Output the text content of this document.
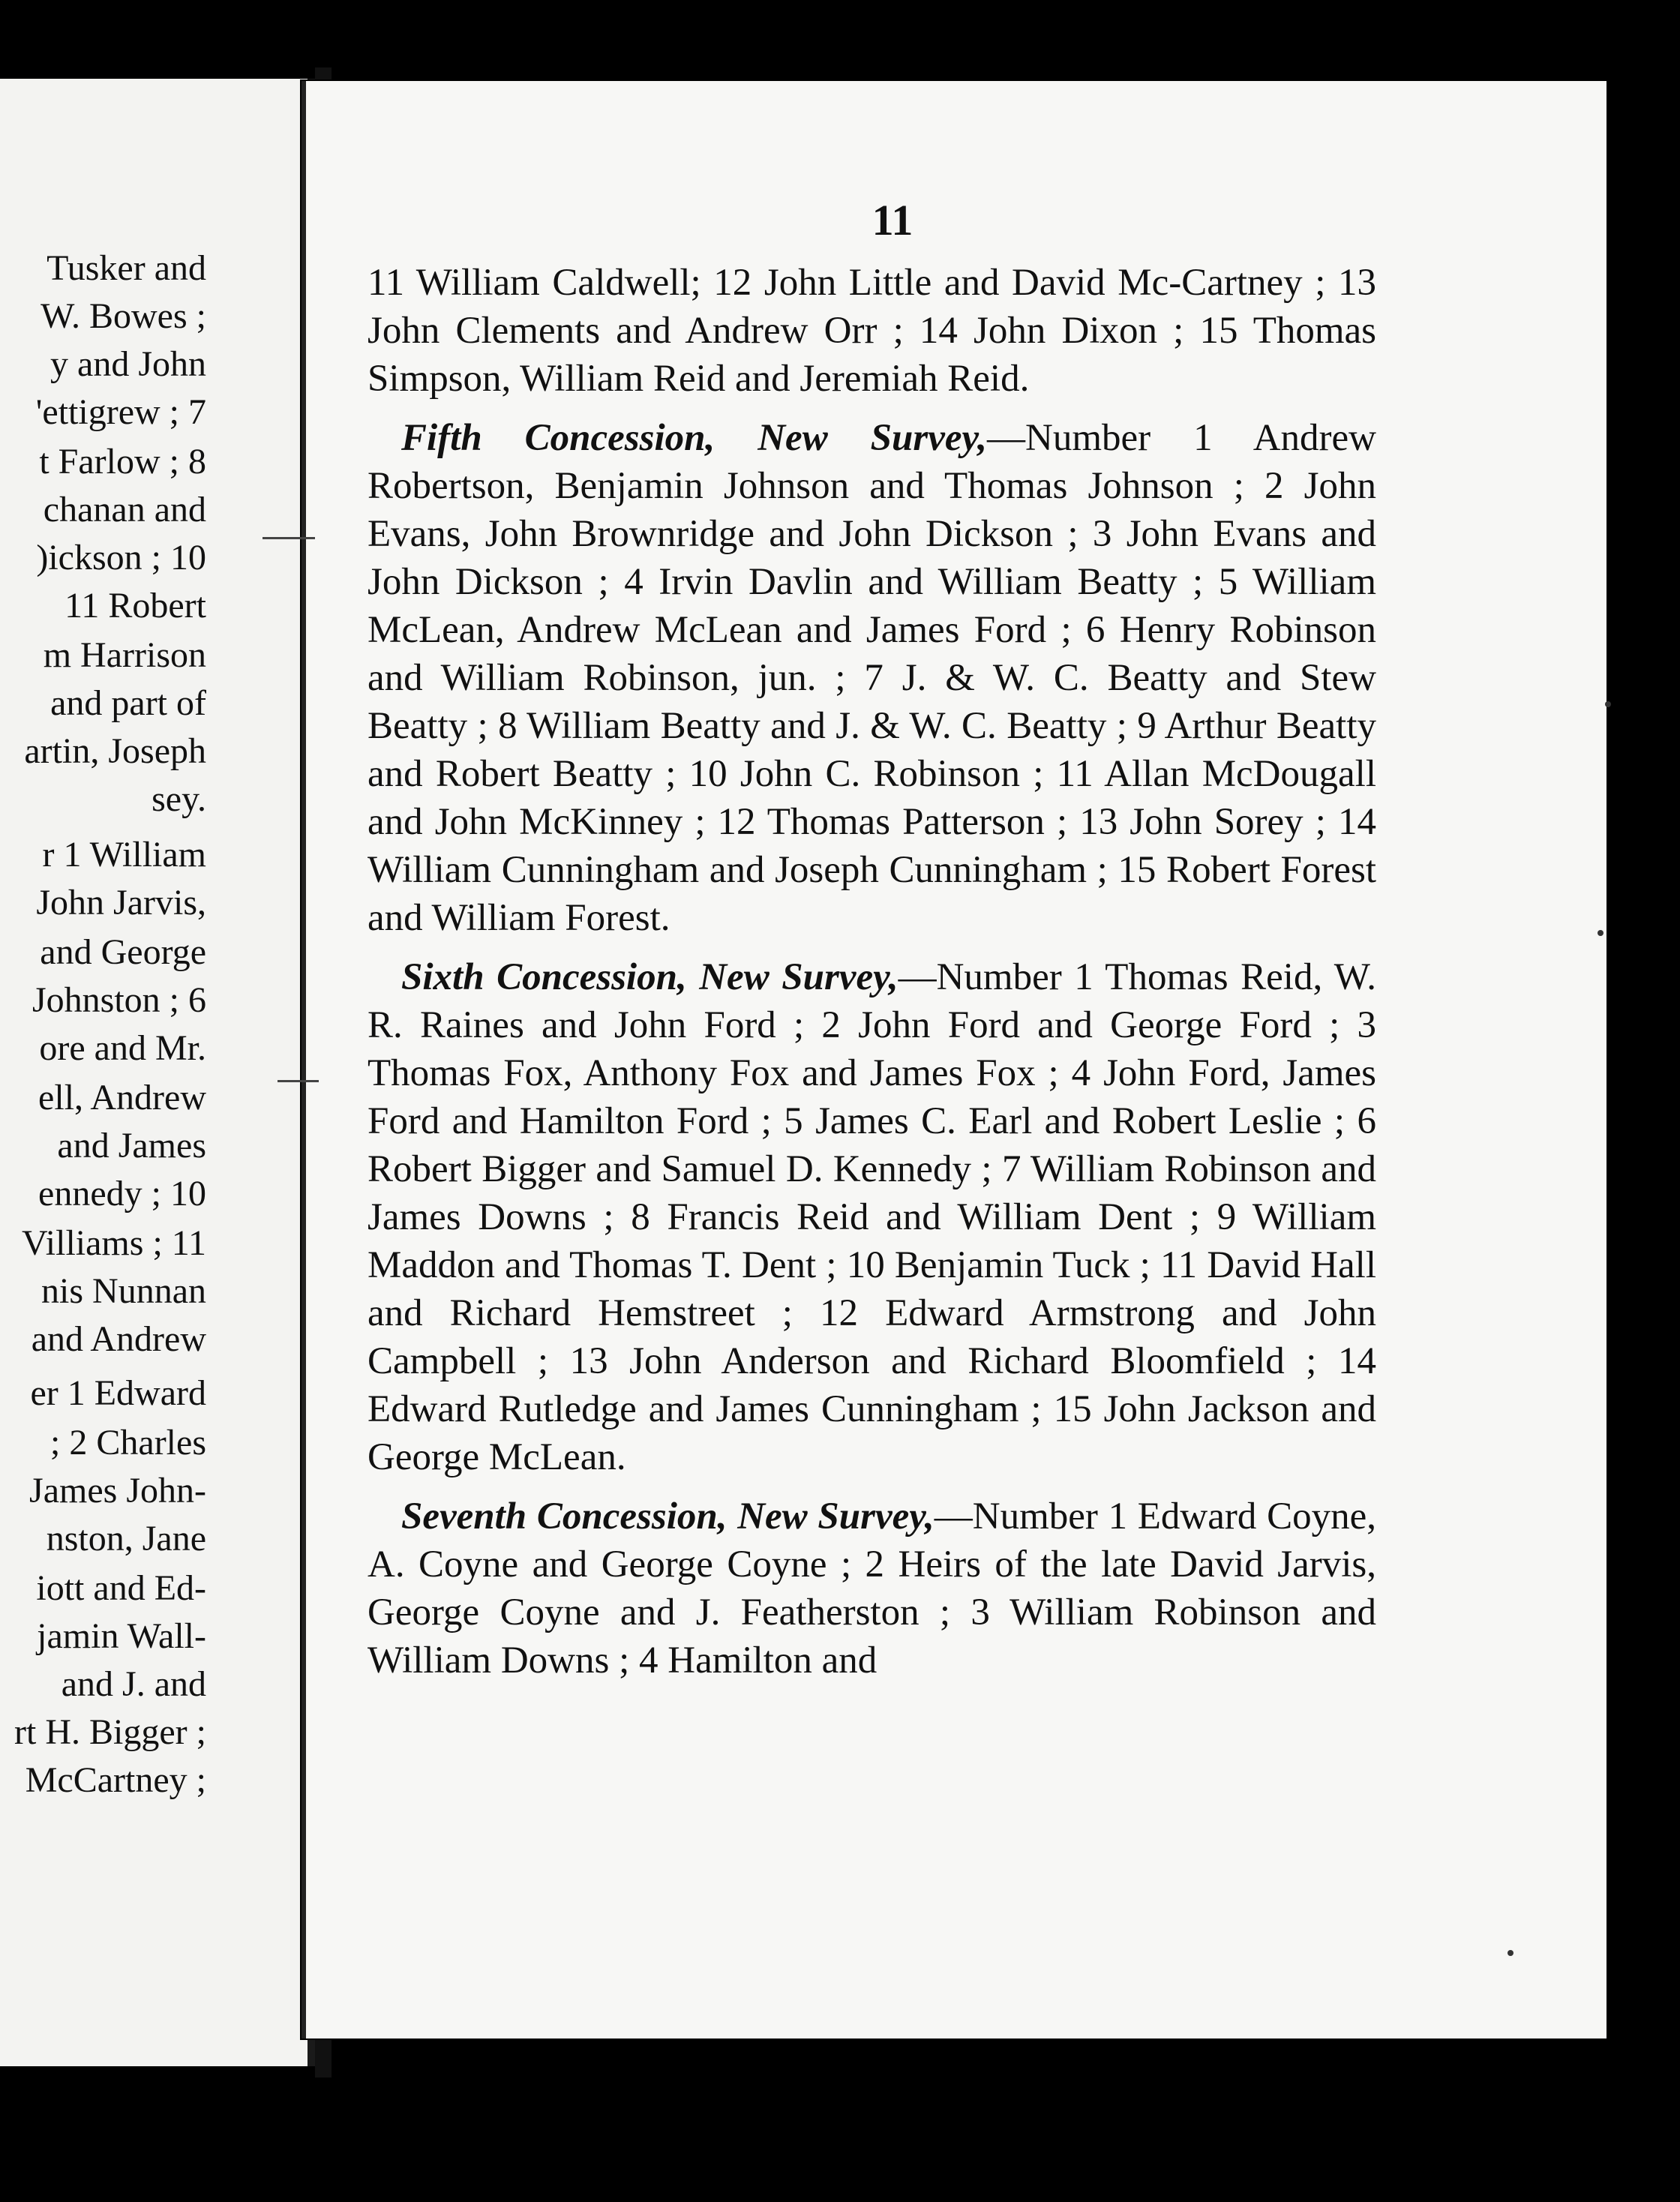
Tusker and
W. Bowes ;
y and John
'ettigrew ; 7
t Farlow ; 8
chanan and
)ickson ; 10
11 Robert
m Harrison
and part of
artin, Joseph
sey.
r 1 William
John Jarvis,
and George
Johnston ; 6
ore and Mr.
ell, Andrew
and James
ennedy ; 10
Villiams ; 11
nis Nunnan
and Andrew
er 1 Edward
; 2 Charles
James John-
nston, Jane
iott and Ed-
jamin Wall-
and J. and
rt H. Bigger ;
McCartney ;
11

11 William Caldwell; 12 John Little and David Mc-Cartney ; 13 John Clements and Andrew Orr ; 14 John Dixon ; 15 Thomas Simpson, William Reid and Jeremiah Reid.

Fifth Concession, New Survey,—Number 1 Andrew Robertson, Benjamin Johnson and Thomas Johnson ; 2 John Evans, John Brownridge and John Dickson ; 3 John Evans and John Dickson ; 4 Irvin Davlin and William Beatty ; 5 William McLean, Andrew McLean and James Ford ; 6 Henry Robinson and William Robinson, jun. ; 7 J. & W. C. Beatty and Stew Beatty ; 8 William Beatty and J. & W. C. Beatty ; 9 Arthur Beatty and Robert Beatty ; 10 John C. Robinson ; 11 Allan McDougall and John McKinney ; 12 Thomas Patterson ; 13 John Sorey ; 14 William Cunningham and Joseph Cunningham ; 15 Robert Forest and William Forest.

Sixth Concession, New Survey,—Number 1 Thomas Reid, W. R. Raines and John Ford ; 2 John Ford and George Ford ; 3 Thomas Fox, Anthony Fox and James Fox ; 4 John Ford, James Ford and Hamilton Ford ; 5 James C. Earl and Robert Leslie ; 6 Robert Bigger and Samuel D. Kennedy ; 7 William Robinson and James Downs ; 8 Francis Reid and William Dent ; 9 William Maddon and Thomas T. Dent ; 10 Benjamin Tuck ; 11 David Hall and Richard Hemstreet ; 12 Edward Armstrong and John Campbell ; 13 John Anderson and Richard Bloomfield ; 14 Edward Rutledge and James Cunningham ; 15 John Jackson and George McLean.

Seventh Concession, New Survey,—Number 1 Edward Coyne, A. Coyne and George Coyne ; 2 Heirs of the late David Jarvis, George Coyne and J. Featherston ; 3 William Robinson and William Downs ; 4 Hamilton and
